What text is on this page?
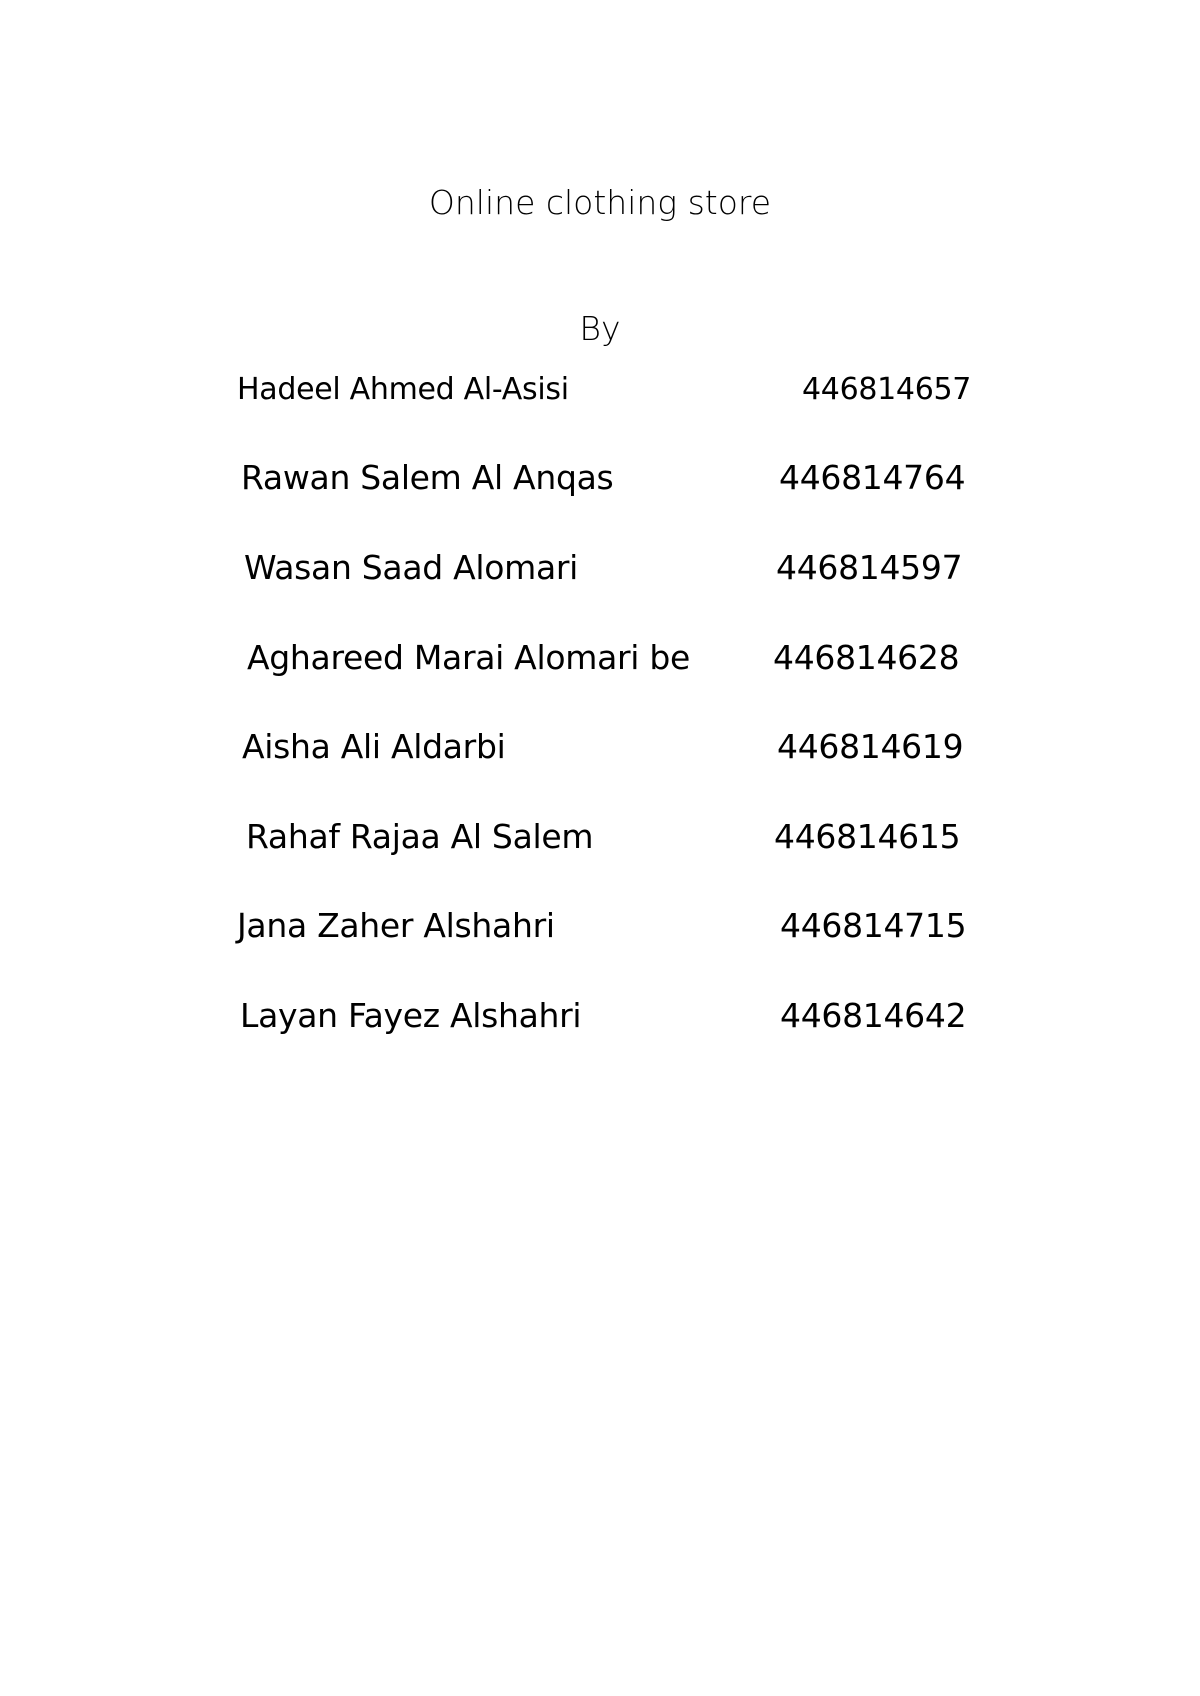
Online clothing store
By
Hadeel Ahmed Al-Asisi	446814657
Rawan Salem Al Anqas	446814764
Wasan Saad Alomari	446814597
Aghareed Marai Alomari be	446814628
Aisha Ali Aldarbi	446814619
Rahaf Rajaa Al Salem	446814615
Jana Zaher Alshahri	446814715
Layan Fayez Alshahri	446814642
